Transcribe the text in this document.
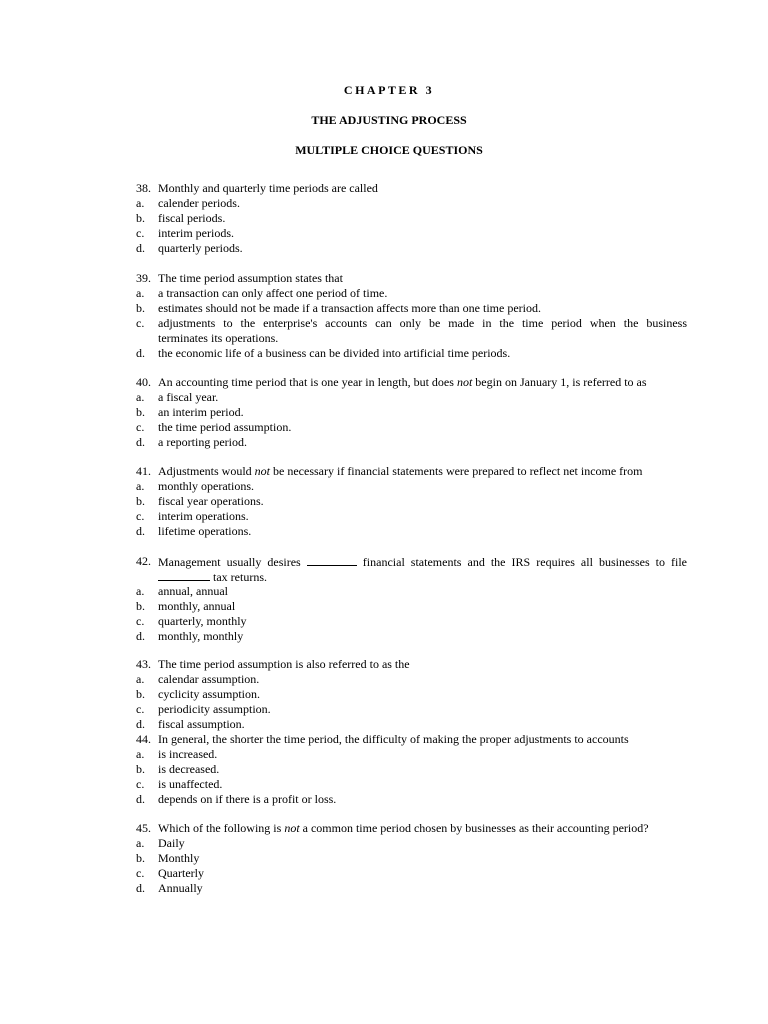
CHAPTER 3
THE ADJUSTING PROCESS
MULTIPLE CHOICE QUESTIONS
38. Monthly and quarterly time periods are called
a. calender periods.
b. fiscal periods.
c. interim periods.
d. quarterly periods.
39. The time period assumption states that
a. a transaction can only affect one period of time.
b. estimates should not be made if a transaction affects more than one time period.
c. adjustments to the enterprise's accounts can only be made in the time period when the business
terminates its operations.
d. the economic life of a business can be divided into artificial time periods.
40. An accounting time period that is one year in length, but does not begin on January 1, is referred to as
a. a fiscal year.
b. an interim period.
c. the time period assumption.
d. a reporting period.
41. Adjustments would not be necessary if financial statements were prepared to reflect net income from
a. monthly operations.
b. fiscal year operations.
c. interim operations.
d. lifetime operations.
42. Management usually desires	financial statements and the IRS requires all businesses to file
tax returns.
a. annual, annual
b. monthly, annual
c. quarterly, monthly
d. monthly, monthly
43. The time period assumption is also referred to as the
a. calendar assumption.
b. cyclicity assumption.
c. periodicity assumption.
d. fiscal assumption.
44. In general, the shorter the time period, the difficulty of making the proper adjustments to accounts
a. is increased.
b. is decreased.
c. is unaffected.
d. depends on if there is a profit or loss.
45. Which of the following is not a common time period chosen by businesses as their accounting period?
a. Daily
b. Monthly
c. Quarterly
d. Annually
